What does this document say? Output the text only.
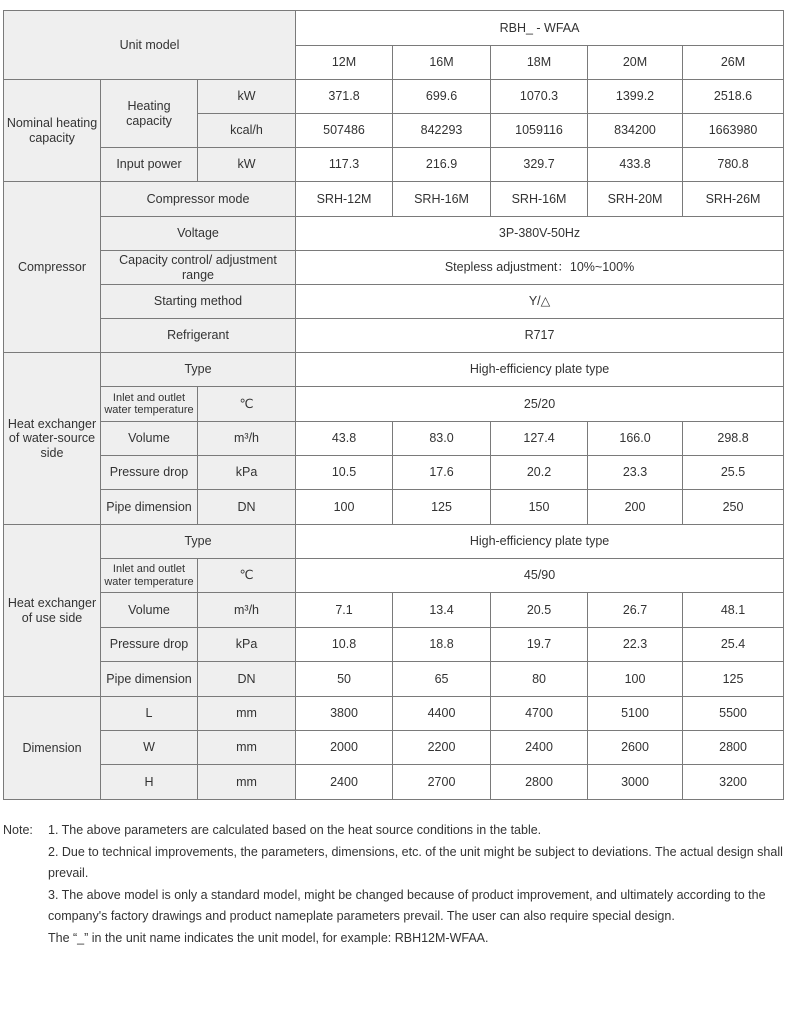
Unit model			RBH_ - WFAA				
			12M	16M	18M	20M	26M
Nominal heating capacity	Heating capacity	kW	371.8	699.6	1070.3	1399.2	2518.6
		kcal/h	507486	842293	1059116	834200	1663980
	Input power	kW	117.3	216.9	329.7	433.8	780.8
Compressor	Compressor mode		SRH-12M	SRH-16M	SRH-16M	SRH-20M	SRH-26M
	Voltage		3P-380V-50Hz				
	Capacity control/ adjustment range		Stepless adjustment：10%~100%				
	Starting method		Y/△				
	Refrigerant		R717				
Heat exchanger of water-source side	Type		High-efficiency plate type				
	Inlet and outlet water temperature	℃	25/20				
	Volume	m³/h	43.8	83.0	127.4	166.0	298.8
	Pressure drop	kPa	10.5	17.6	20.2	23.3	25.5
	Pipe dimension	DN	100	125	150	200	250
Heat exchanger of use side	Type		High-efficiency plate type				
	Inlet and outlet water temperature	℃	45/90				
	Volume	m³/h	7.1	13.4	20.5	26.7	48.1
	Pressure drop	kPa	10.8	18.8	19.7	22.3	25.4
	Pipe dimension	DN	50	65	80	100	125
Dimension	L	mm	3800	4400	4700	5100	5500
	W	mm	2000	2200	2400	2600	2800
	H	mm	2400	2700	2800	3000	3200
Note:	1. The above parameters are calculated based on the heat source conditions in the table.
2. Due to technical improvements, the parameters, dimensions, etc. of the unit might be subject to deviations. The actual design shall prevail.
3. The above model is only a standard model, might be changed because of product improvement, and ultimately according to the company's factory drawings and product nameplate parameters prevail. The user can also require special design.
The “_” in the unit name indicates the unit model, for example: RBH12M-WFAA.
